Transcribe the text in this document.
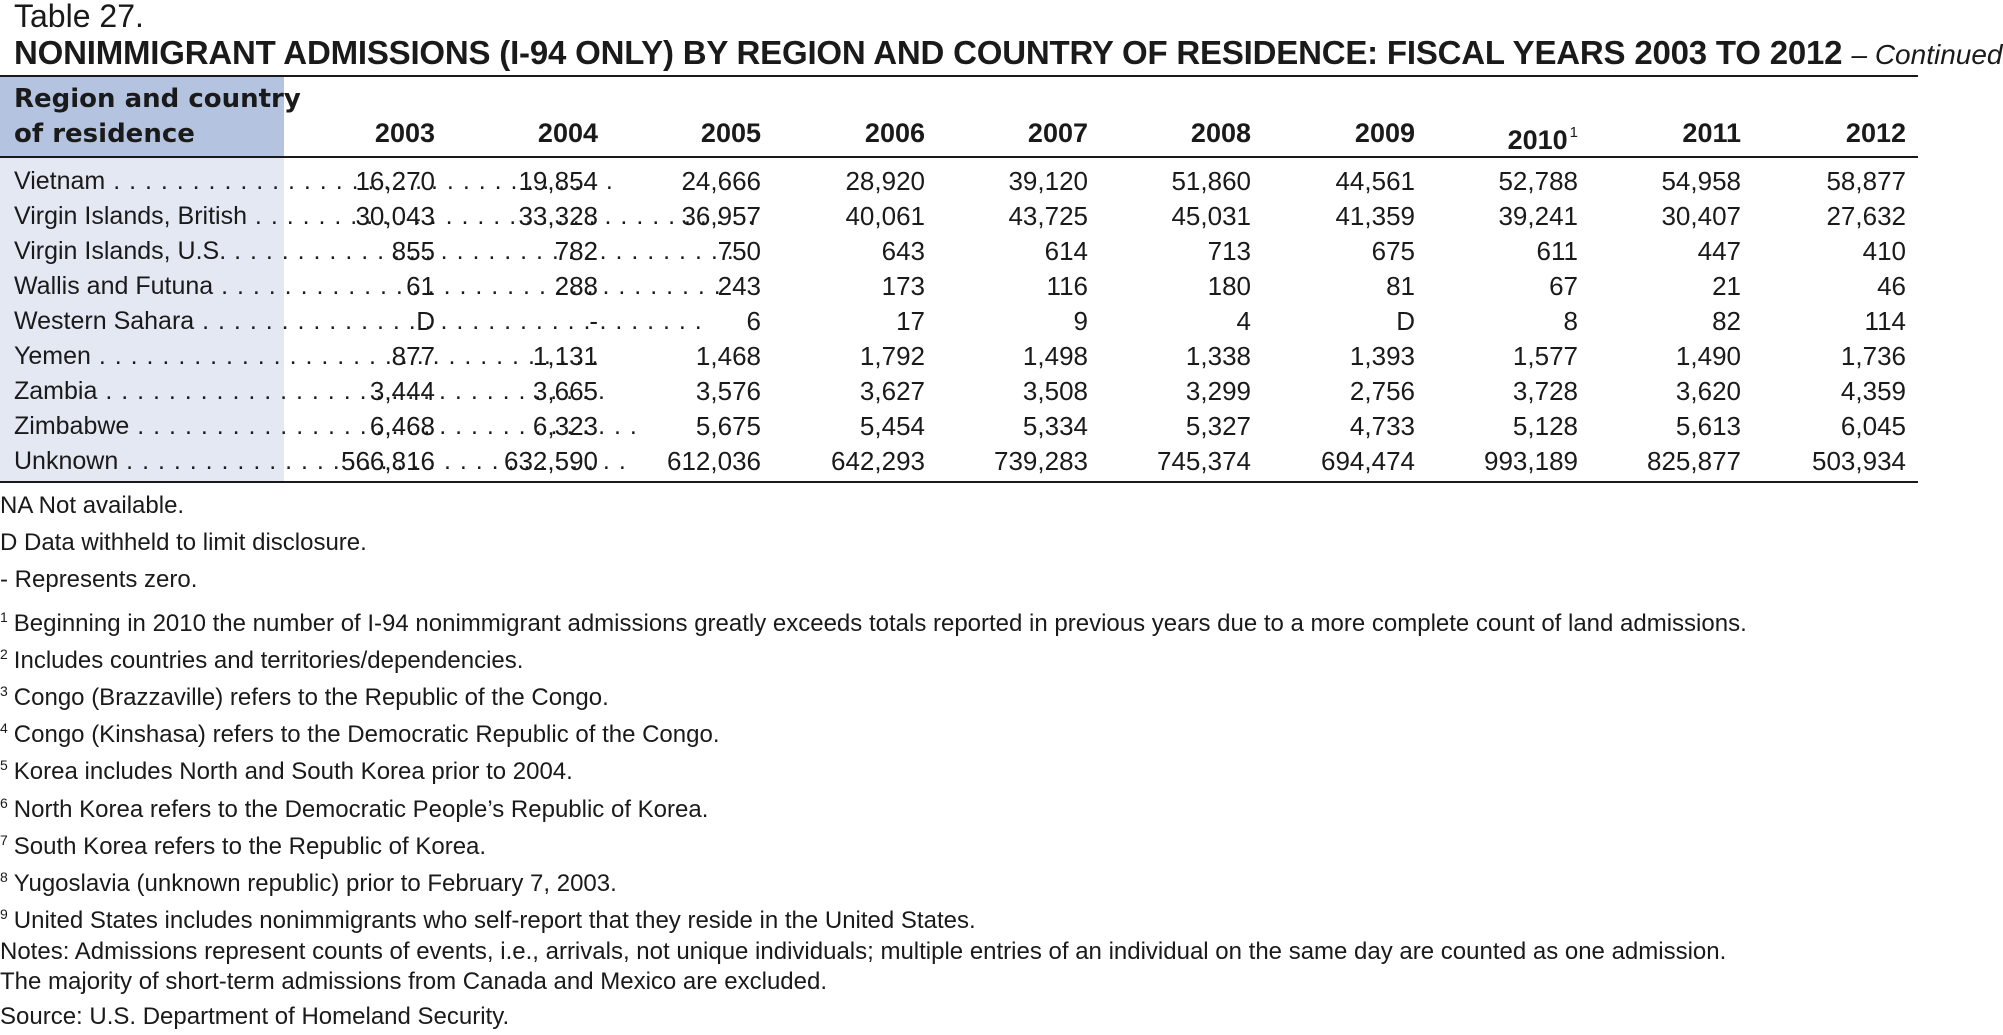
Table 27.
NONIMMIGRANT ADMISSIONS (I-94 ONLY) BY REGION AND COUNTRY OF RESIDENCE: FISCAL YEARS 2003 TO 2012 – Continued
Region and country
of residence	2003	2004	2005	2006	2007	2008	2009	2010 $^1$	2011	2012
Vietnam . . .	16,270	19,854	24,666	28,920	39,120	51,860	44,561	52,788	54,958	58,877
Virgin Islands, British . . .	30,043	33,328	36,957	40,061	43,725	45,031	41,359	39,241	30,407	27,632
Virgin Islands, U.S. . . .	855	782	750	643	614	713	675	611	447	410
Wallis and Futuna . . .	61	288	243	173	116	180	81	67	21	46
Western Sahara . . .	D	-	6	17	9	4	D	8	82	114
Yemen . . .	877	1,131	1,468	1,792	1,498	1,338	1,393	1,577	1,490	1,736
Zambia . . .	3,444	3,665	3,576	3,627	3,508	3,299	2,756	3,728	3,620	4,359
Zimbabwe . . .	6,468	6,323	5,675	5,454	5,334	5,327	4,733	5,128	5,613	6,045
Unknown . . .	566,816	632,590	612,036	642,293	739,283	745,374	694,474	993,189	825,877	503,934
NA Not available.
D Data withheld to limit disclosure.
- Represents zero.
$^1$ Beginning in 2010 the number of I-94 nonimmigrant admissions greatly exceeds totals reported in previous years due to a more complete count of land admissions.
$^2$ Includes countries and territories/dependencies.
$^3$ Congo (Brazzaville) refers to the Republic of the Congo.
$^4$ Congo (Kinshasa) refers to the Democratic Republic of the Congo.
$^5$ Korea includes North and South Korea prior to 2004.
$^6$ North Korea refers to the Democratic People’s Republic of Korea.
$^7$ South Korea refers to the Republic of Korea.
$^8$ Yugoslavia (unknown republic) prior to February 7, 2003.
$^9$ United States includes nonimmigrants who self-report that they reside in the United States.
Notes: Admissions represent counts of events, i.e., arrivals, not unique individuals; multiple entries of an individual on the same day are counted as one admission.
The majority of short-term admissions from Canada and Mexico are excluded.
Source: U.S. Department of Homeland Security.
